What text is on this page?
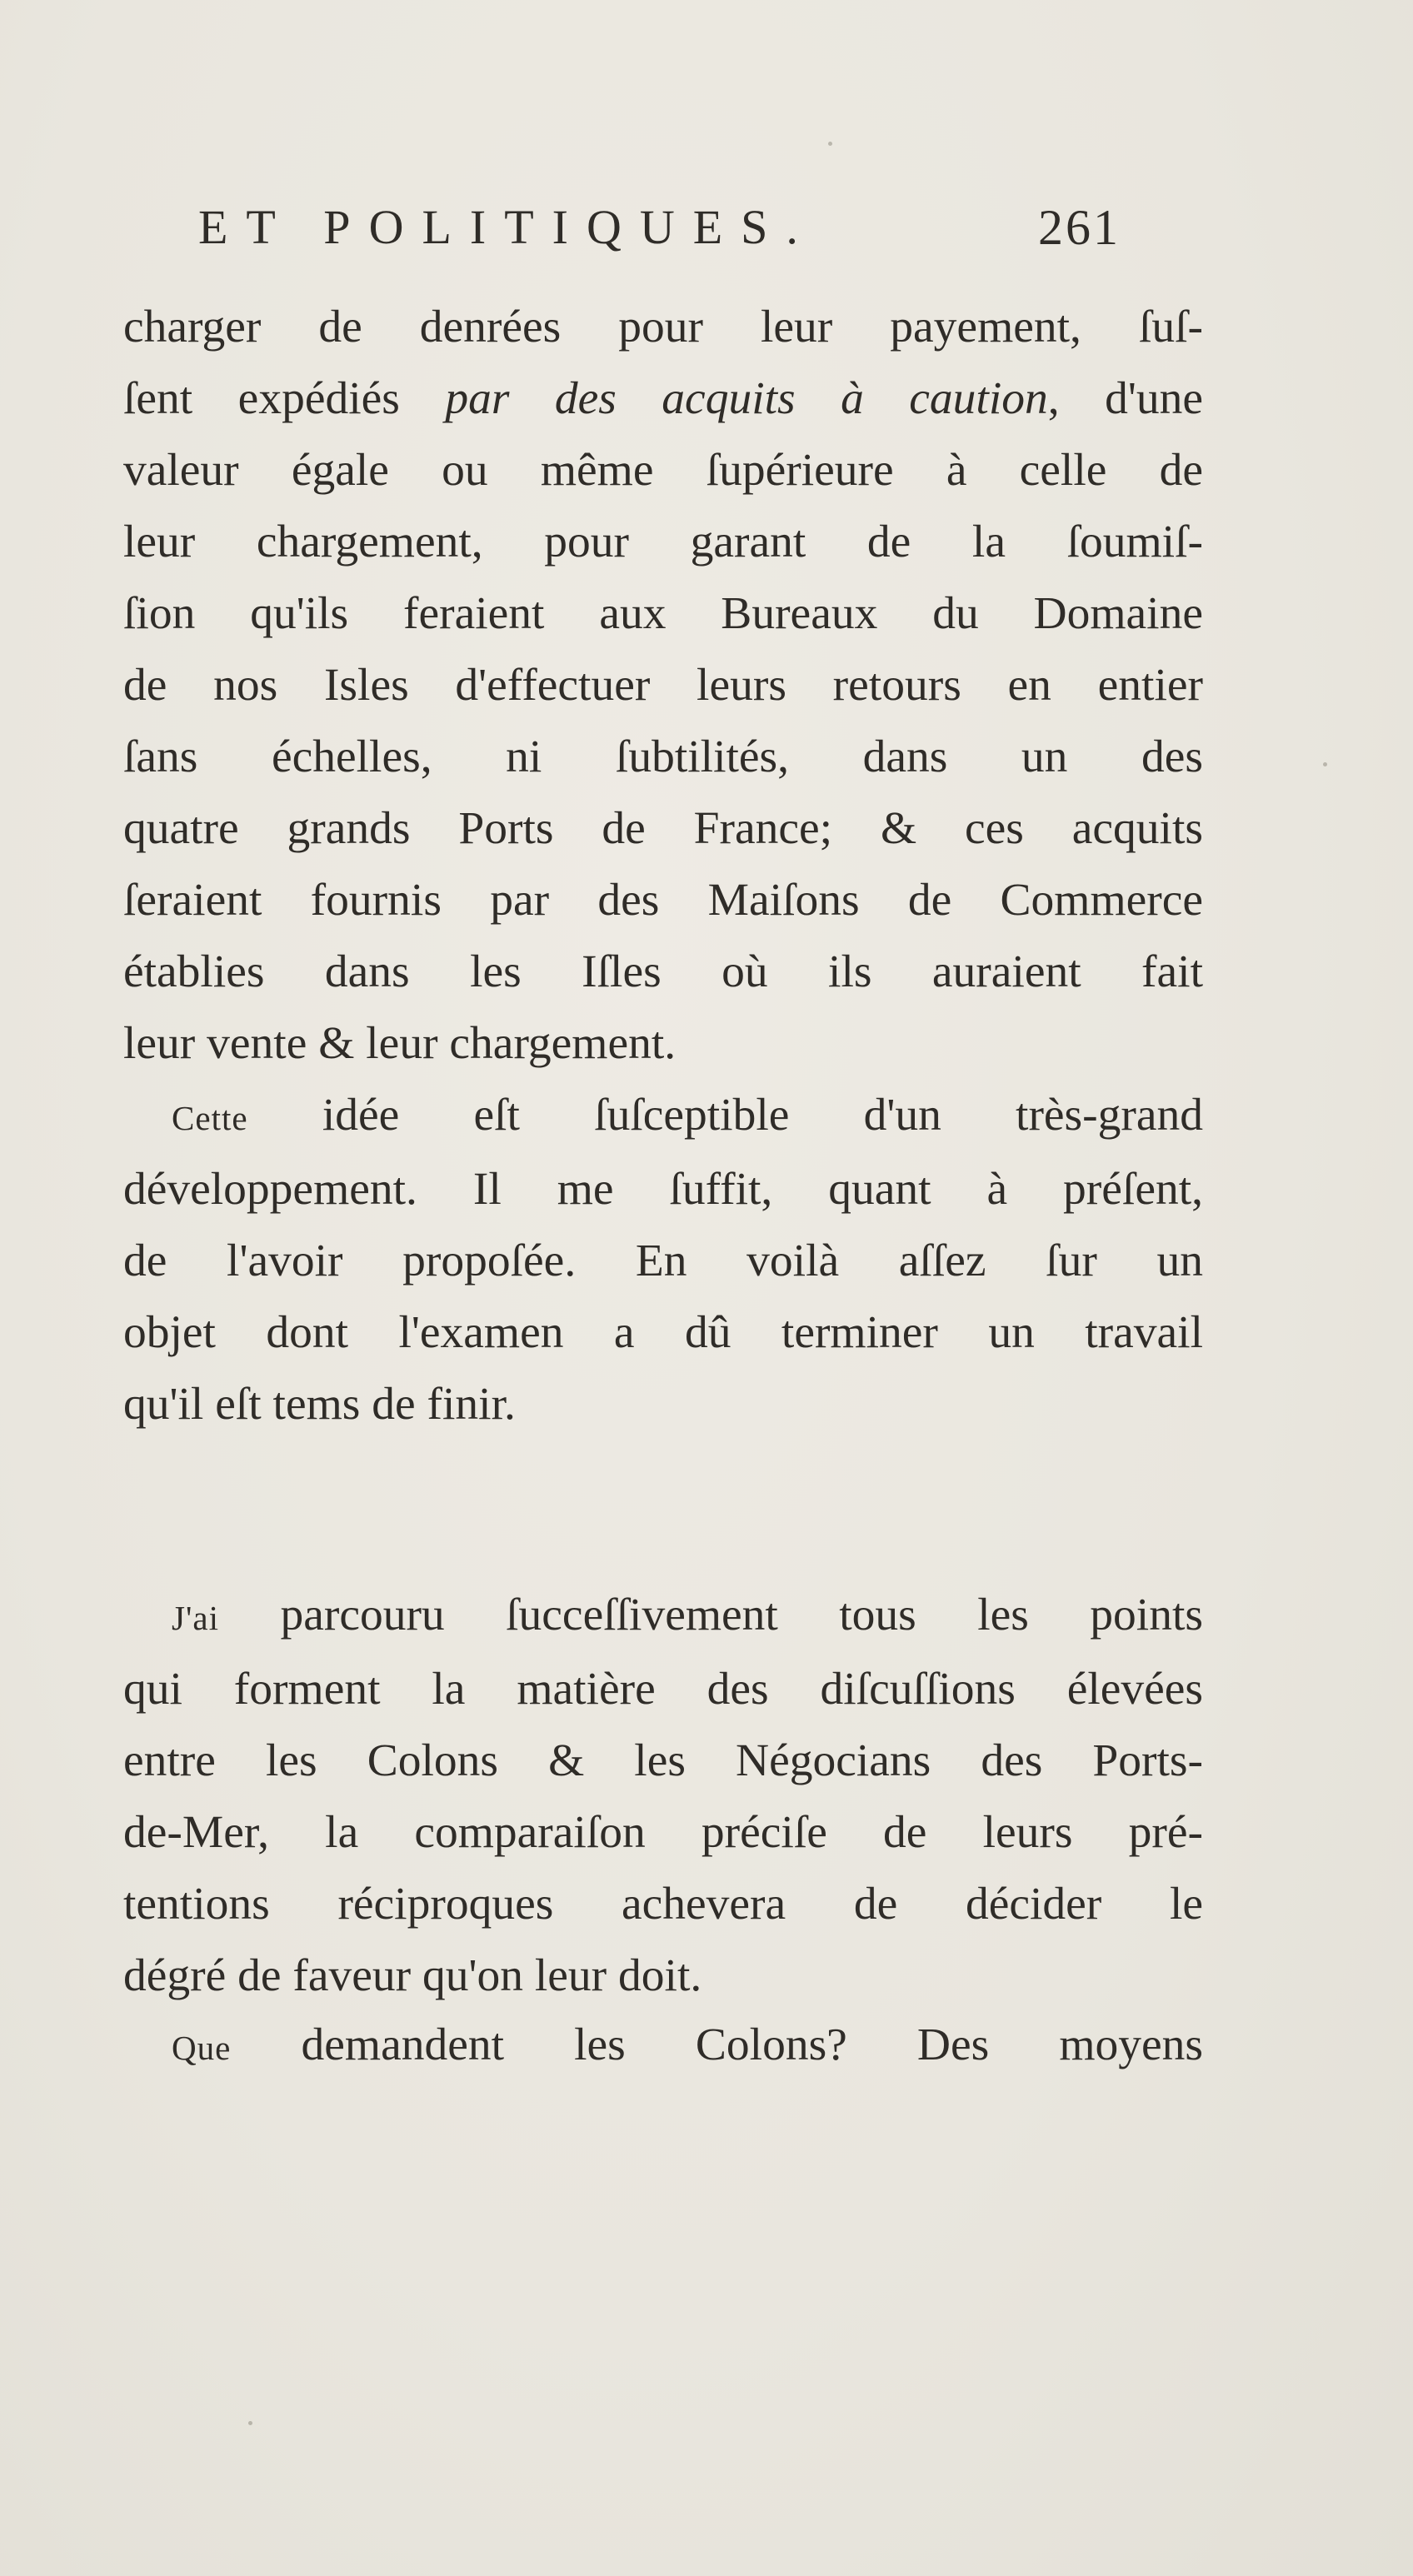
ET POLITIQUES.	261
charger de denrées pour leur payement, ſuſ-
ſent expédiés par des acquits à caution, d'une
valeur égale ou même ſupérieure à celle de
leur chargement, pour garant de la ſoumiſ-
ſion qu'ils feraient aux Bureaux du Domaine
de nos Isles d'effectuer leurs retours en entier
ſans échelles, ni ſubtilités, dans un des
quatre grands Ports de France; & ces acquits
ſeraient fournis par des Maiſons de Commerce
établies dans les Iſles où ils auraient fait
leur vente & leur chargement.
Cette idée eſt ſuſceptible d'un très-grand
développement. Il me ſuffit, quant à préſent,
de l'avoir propoſée. En voilà aſſez ſur un
objet dont l'examen a dû terminer un travail
qu'il eſt tems de finir.
J'ai parcouru ſucceſſivement tous les points
qui forment la matière des diſcuſſions élevées
entre les Colons & les Négocians des Ports-
de-Mer, la comparaiſon préciſe de leurs pré-
tentions réciproques achevera de décider le
dégré de faveur qu'on leur doit.
Que demandent les Colons? Des moyens
